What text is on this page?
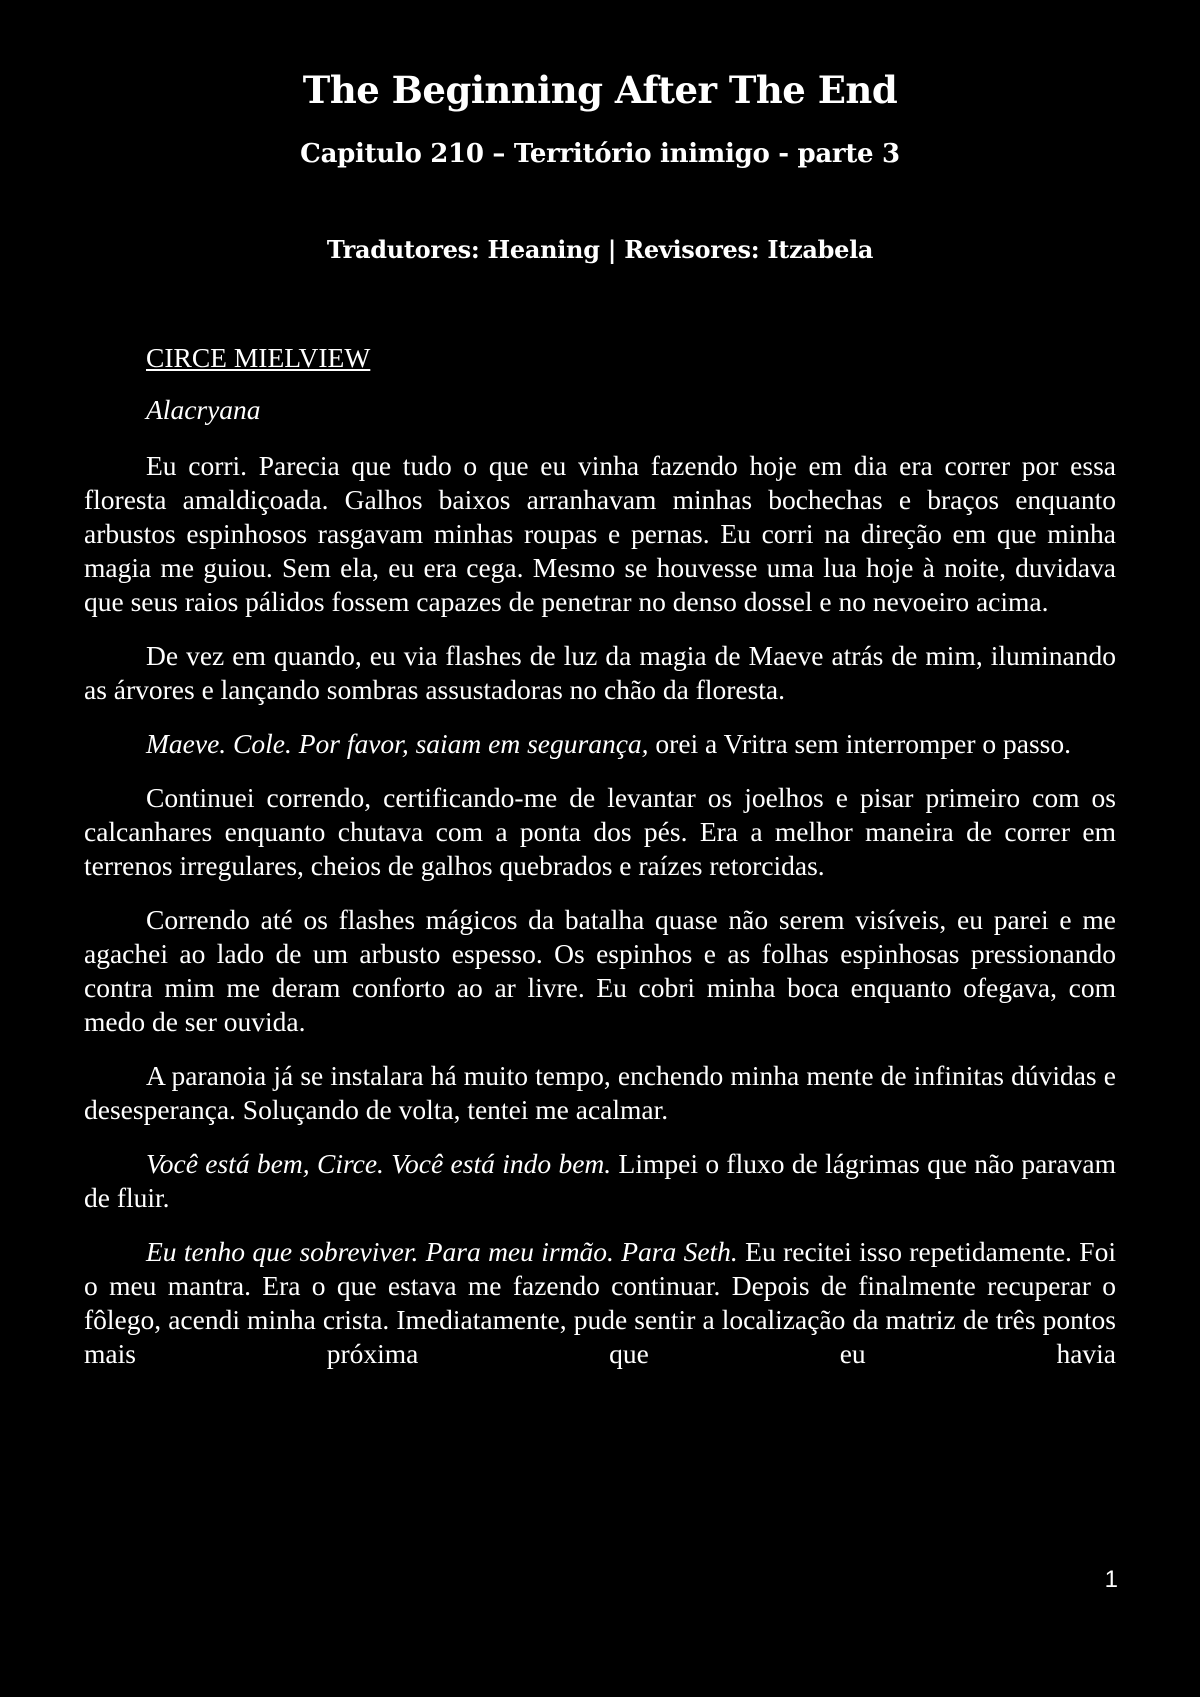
The Beginning After The End
Capitulo 210 – Território inimigo - parte 3
Tradutores: Heaning | Revisores: Itzabela
CIRCE MIELVIEW
Alacryana

Eu corri. Parecia que tudo o que eu vinha fazendo hoje em dia era correr por essa floresta amaldiçoada. Galhos baixos arranhavam minhas bochechas e braços enquanto arbustos espinhosos rasgavam minhas roupas e pernas. Eu corri na direção em que minha magia me guiou. Sem ela, eu era cega. Mesmo se houvesse uma lua hoje à noite, duvidava que seus raios pálidos fossem capazes de penetrar no denso dossel e no nevoeiro acima.

De vez em quando, eu via flashes de luz da magia de Maeve atrás de mim, iluminando as árvores e lançando sombras assustadoras no chão da floresta.

Maeve. Cole. Por favor, saiam em segurança, orei a Vritra sem interromper o passo.

Continuei correndo, certificando-me de levantar os joelhos e pisar primeiro com os calcanhares enquanto chutava com a ponta dos pés. Era a melhor maneira de correr em terrenos irregulares, cheios de galhos quebrados e raízes retorcidas.

Correndo até os flashes mágicos da batalha quase não serem visíveis, eu parei e me agachei ao lado de um arbusto espesso. Os espinhos e as folhas espinhosas pressionando contra mim me deram conforto ao ar livre. Eu cobri minha boca enquanto ofegava, com medo de ser ouvida.

A paranoia já se instalara há muito tempo, enchendo minha mente de infinitas dúvidas e desesperança. Soluçando de volta, tentei me acalmar.

Você está bem, Circe. Você está indo bem. Limpei o fluxo de lágrimas que não paravam de fluir.

Eu tenho que sobreviver. Para meu irmão. Para Seth. Eu recitei isso repetidamente. Foi o meu mantra. Era o que estava me fazendo continuar. Depois de finalmente recuperar o fôlego, acendi minha crista. Imediatamente, pude sentir a localização da matriz de três pontos mais próxima que eu havia

1
